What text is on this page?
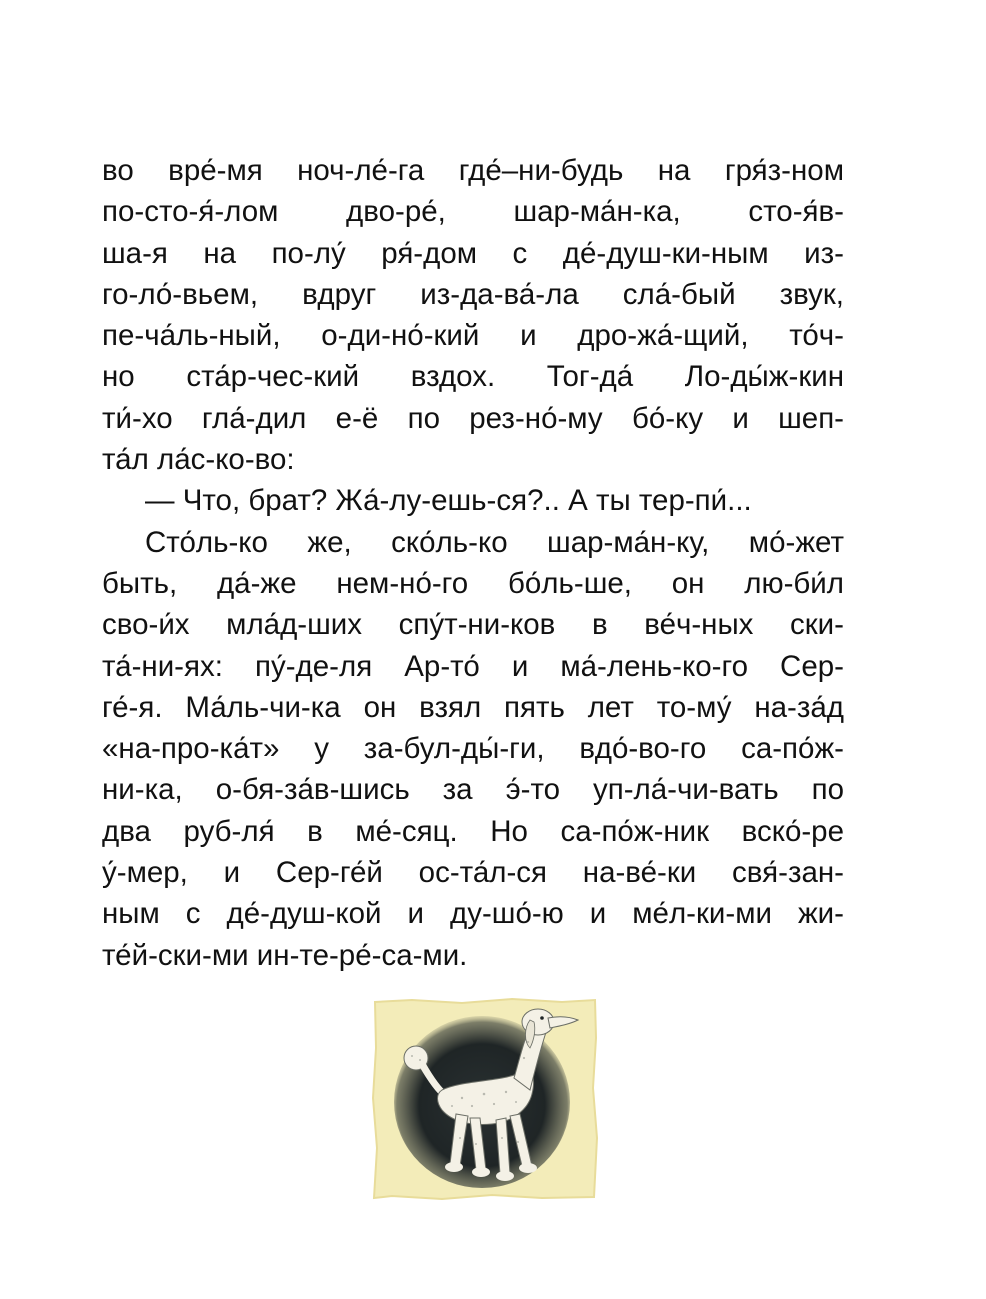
во вре́-мя ноч-ле́-га где́–ни-будь на гря́з-ном
по-сто-я́-лом дво-ре́, шар-ма́н-ка, сто-я́в-
ша-я на по-лу́ ря́-дом с де́-душ-ки-ным из-
го-ло́-вьем, вдруг из-да-ва́-ла сла́-бый звук,
пе-ча́ль-ный, о-ди-но́-кий и дро-жа́-щий, то́ч-
но ста́р-чес-кий вздох. Тог-да́ Ло-ды́ж-кин
ти́-хо гла́-дил е-ё по рез-но́-му бо́-ку и шеп-
та́л ла́с-ко-во:
— Что, брат? Жа́-лу-ешь-ся?.. А ты тер-пи́...
Сто́ль-ко же, ско́ль-ко шар-ма́н-ку, мо́-жет
быть, да́-же нем-но́-го бо́ль-ше, он лю-би́л
сво-и́х мла́д-ших спу́т-ни-ков в ве́ч-ных ски-
та́-ни-ях: пу́-де-ля Ар-то́ и ма́-лень-ко-го Сер-
ге́-я. Ма́ль-чи-ка он взял пять лет то-му́ на-за́д
«на-про-ка́т» у за-бул-ды́-ги, вдо́-во-го са-по́ж-
ни-ка, о-бя-за́в-шись за э́-то уп-ла́-чи-вать по
два руб-ля́ в ме́-сяц. Но са-по́ж-ник вско́-ре
у́-мер, и Сер-ге́й ос-та́л-ся на-ве́-ки свя́-зан-
ным с де́-душ-кой и ду-шо́-ю и ме́л-ки-ми жи-
те́й-ски-ми ин-те-ре́-са-ми.
